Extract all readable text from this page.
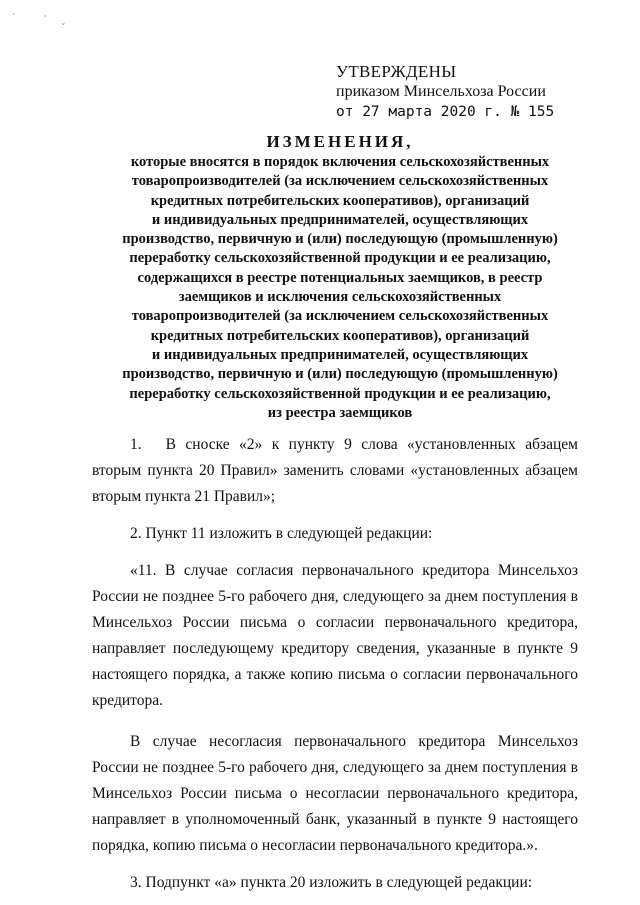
·	·
ˇ
УТВЕРЖДЕНЫ
приказом Минсельхоза России
от 27 марта 2020 г. № 155
ИЗМЕНЕНИЯ,
которые вносятся в порядок включения сельскохозяйственных
товаропроизводителей (за исключением сельскохозяйственных
кредитных потребительских кооперативов), организаций
и индивидуальных предпринимателей, осуществляющих
производство, первичную и (или) последующую (промышленную)
переработку сельскохозяйственной продукции и ее реализацию,
содержащихся в реестре потенциальных заемщиков, в реестр
заемщиков и исключения сельскохозяйственных
товаропроизводителей (за исключением сельскохозяйственных
кредитных потребительских кооперативов), организаций
и индивидуальных предпринимателей, осуществляющих
производство, первичную и (или) последующую (промышленную)
переработку сельскохозяйственной продукции и ее реализацию,
из реестра заемщиков

1. В сноске «2» к пункту 9 слова «установленных абзацем вторым пункта 20 Правил» заменить словами «установленных абзацем вторым пункта 21 Правил»;

2. Пункт 11 изложить в следующей редакции:

«11. В случае согласия первоначального кредитора Минсельхоз России не позднее 5-го рабочего дня, следующего за днем поступления в Минсельхоз России письма о согласии первоначального кредитора, направляет последующему кредитору сведения, указанные в пункте 9 настоящего порядка, а также копию письма о согласии первоначального кредитора.

В случае несогласия первоначального кредитора Минсельхоз России не позднее 5-го рабочего дня, следующего за днем поступления в Минсельхоз России письма о несогласии первоначального кредитора, направляет в уполномоченный банк, указанный в пункте 9 настоящего порядка, копию письма о несогласии первоначального кредитора.».

3. Подпункт «а» пункта 20 изложить в следующей редакции:
